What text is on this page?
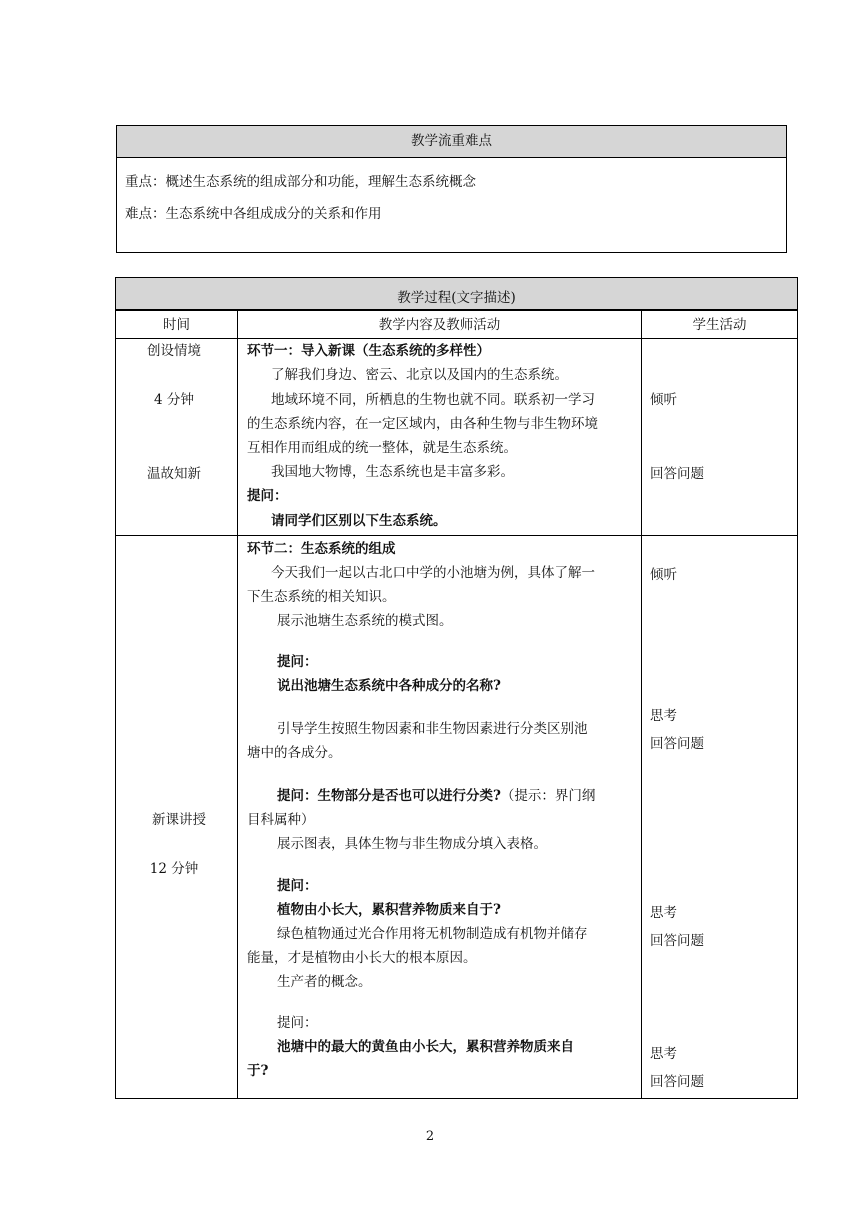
教学流重难点
重点：概述生态系统的组成部分和功能，理解生态系统概念
难点：生态系统中各组成成分的关系和作用
教学过程(文字描述)
时间	教学内容及教师活动	学生活动
创设情境
4 分钟
温故知新
环节一：导入新课（生态系统的多样性）
了解我们身边、密云、北京以及国内的生态系统。
地域环境不同，所栖息的生物也就不同。联系初一学习
的生态系统内容，在一定区域内，由各种生物与非生物环境
互相作用而组成的统一整体，就是生态系统。
我国地大物博，生态系统也是丰富多彩。
提问：
请同学们区别以下生态系统。
倾听
回答问题
新课讲授
12 分钟
环节二：生态系统的组成
今天我们一起以古北口中学的小池塘为例，具体了解一
下生态系统的相关知识。
展示池塘生态系统的模式图。
提问：
说出池塘生态系统中各种成分的名称?
引导学生按照生物因素和非生物因素进行分类区别池
塘中的各成分。
提问：生物部分是否也可以进行分类?（提示：界门纲
目科属种）
展示图表，具体生物与非生物成分填入表格。
提问：
植物由小长大，累积营养物质来自于?
绿色植物通过光合作用将无机物制造成有机物并储存
能量，才是植物由小长大的根本原因。
生产者的概念。
提问：
池塘中的最大的黄鱼由小长大，累积营养物质来自
于?
倾听
思考
回答问题
思考
回答问题
思考
回答问题
2
